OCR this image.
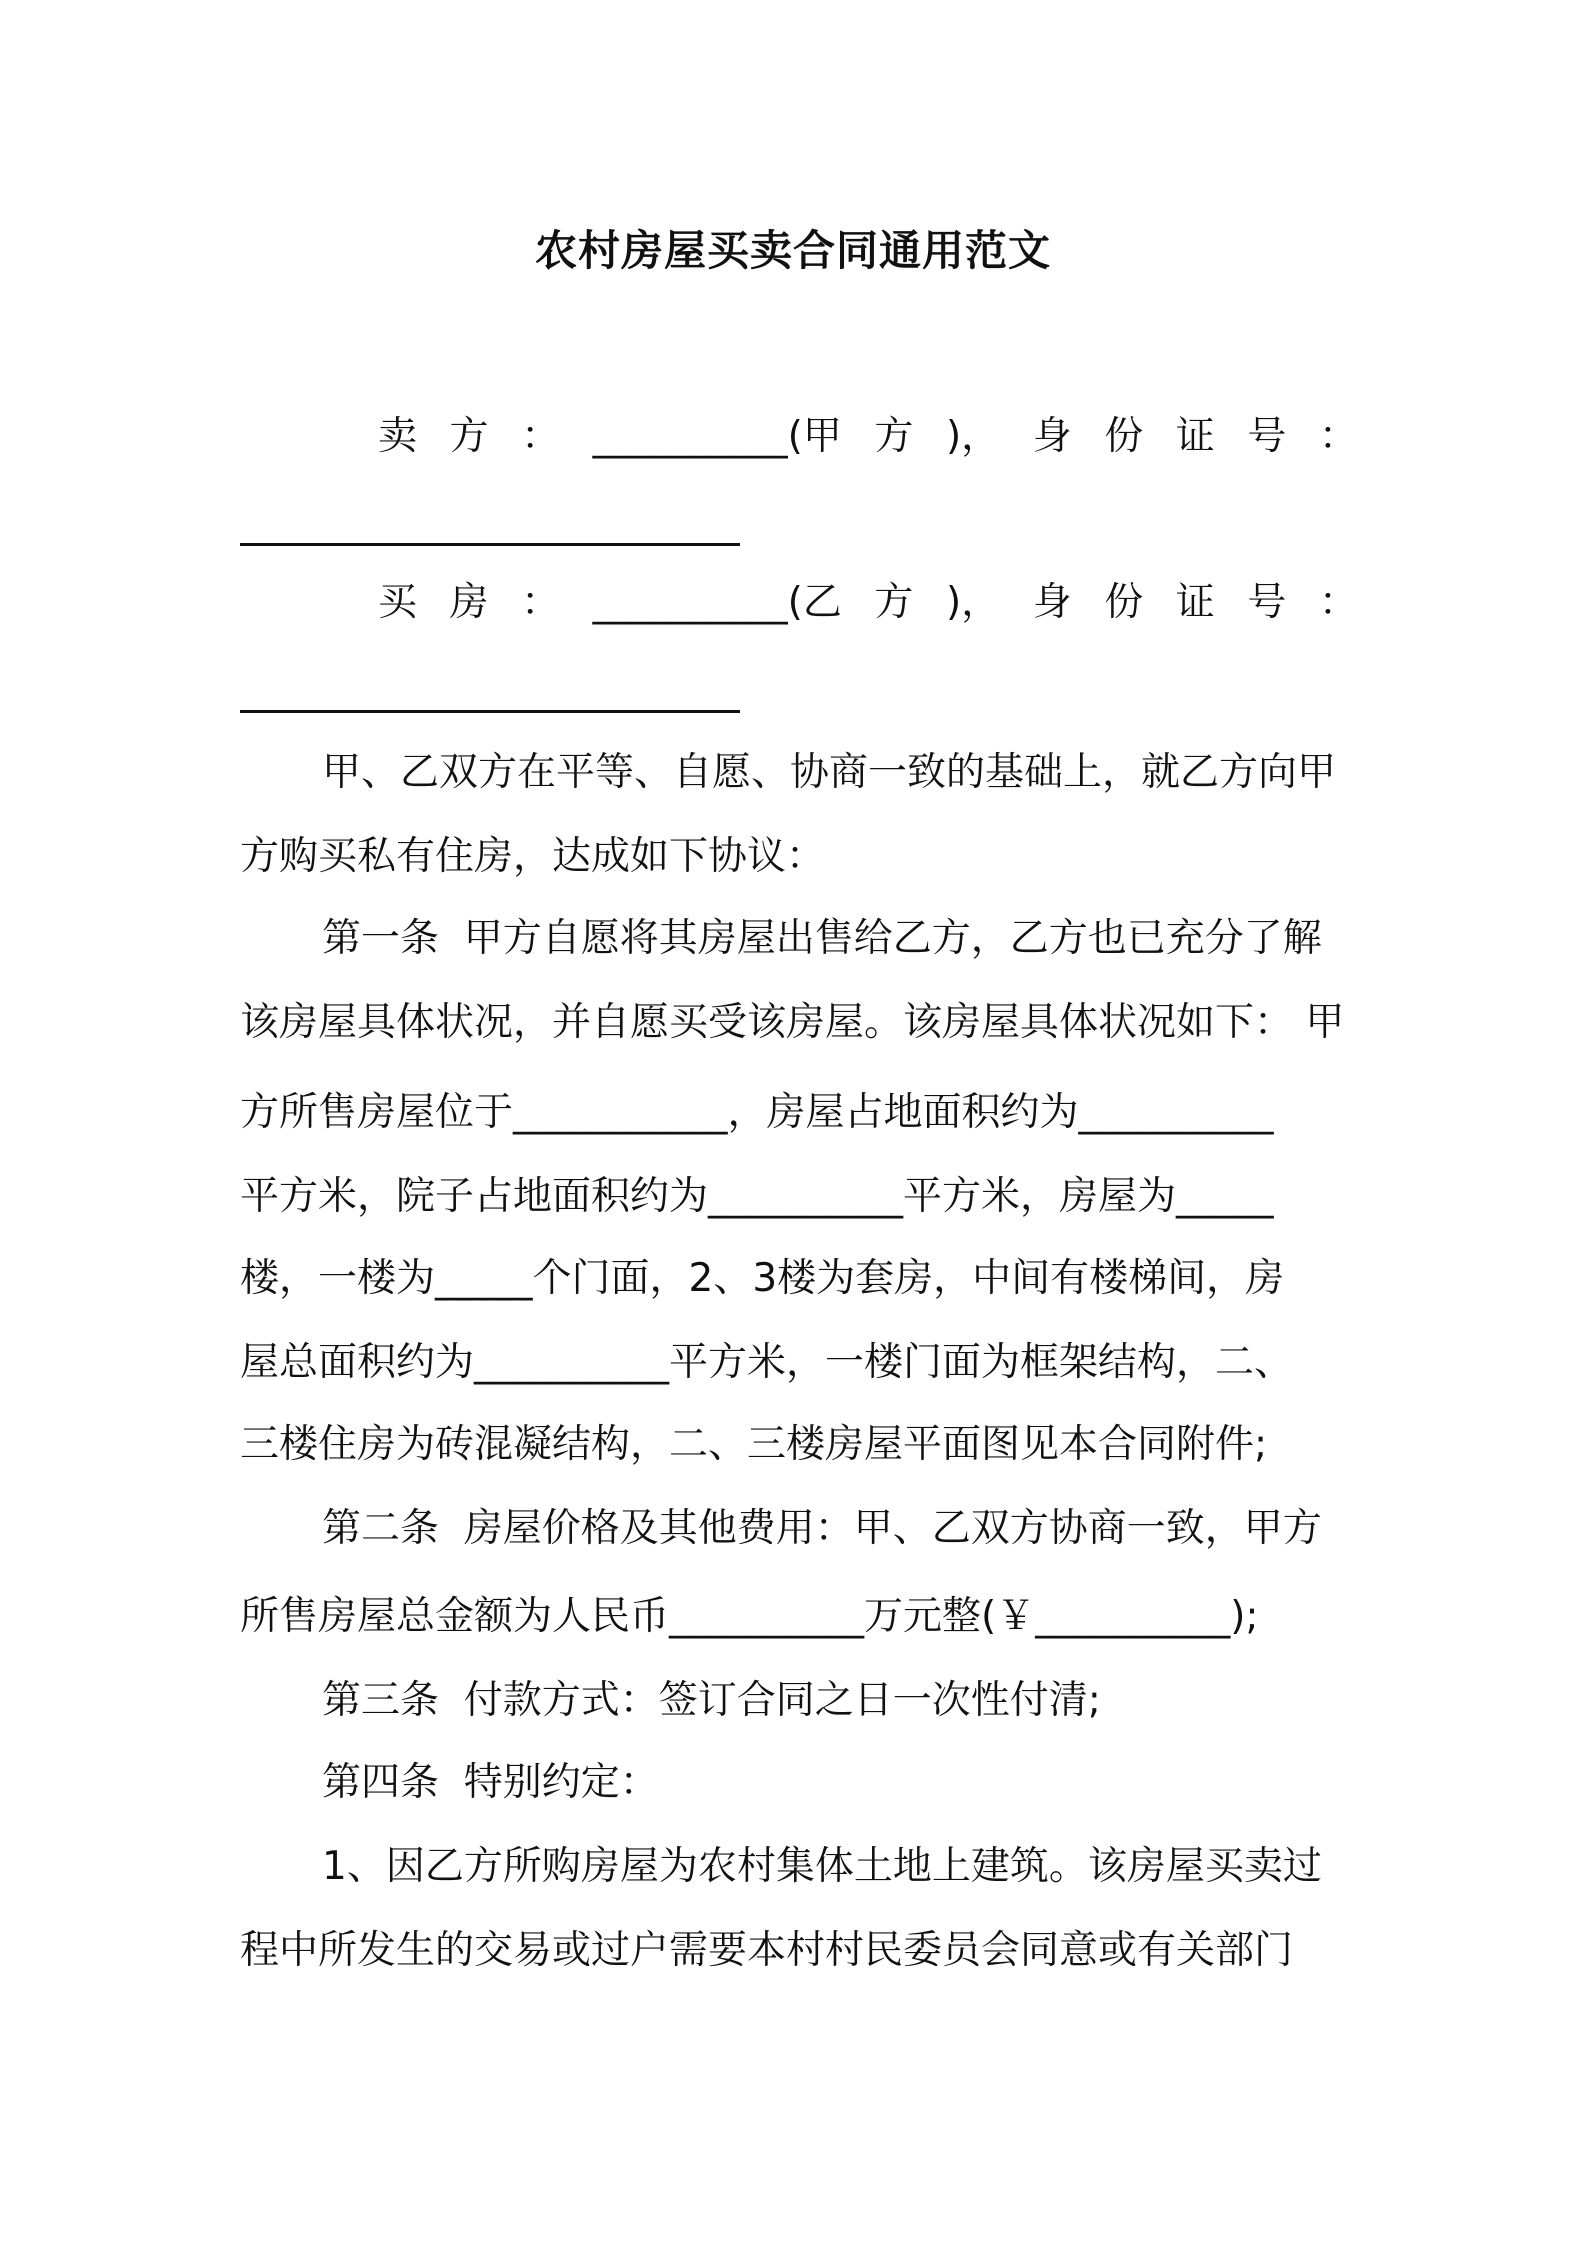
农村房屋买卖合同通用范文
卖 方 ： __________(甲 方 )， 身 份 证 号 ：
买 房 ： __________(乙 方 )， 身 份 证 号 ：
甲、乙双方在平等、自愿、协商一致的基础上，就乙方向甲
方购买私有住房，达成如下协议：
第一条  甲方自愿将其房屋出售给乙方，乙方也已充分了解
该房屋具体状况，并自愿买受该房屋。该房屋具体状况如下： 甲
方所售房屋位于___________，房屋占地面积约为__________
平方米，院子占地面积约为__________平方米，房屋为_____
楼，一楼为_____个门面，2、3楼为套房，中间有楼梯间，房
屋总面积约为__________平方米，一楼门面为框架结构，二、
三楼住房为砖混凝结构，二、三楼房屋平面图见本合同附件;
第二条  房屋价格及其他费用：甲、乙双方协商一致，甲方
所售房屋总金额为人民币__________万元整(￥__________);
第三条  付款方式：签订合同之日一次性付清;
第四条  特别约定：
1、因乙方所购房屋为农村集体土地上建筑。该房屋买卖过
程中所发生的交易或过户需要本村村民委员会同意或有关部门
